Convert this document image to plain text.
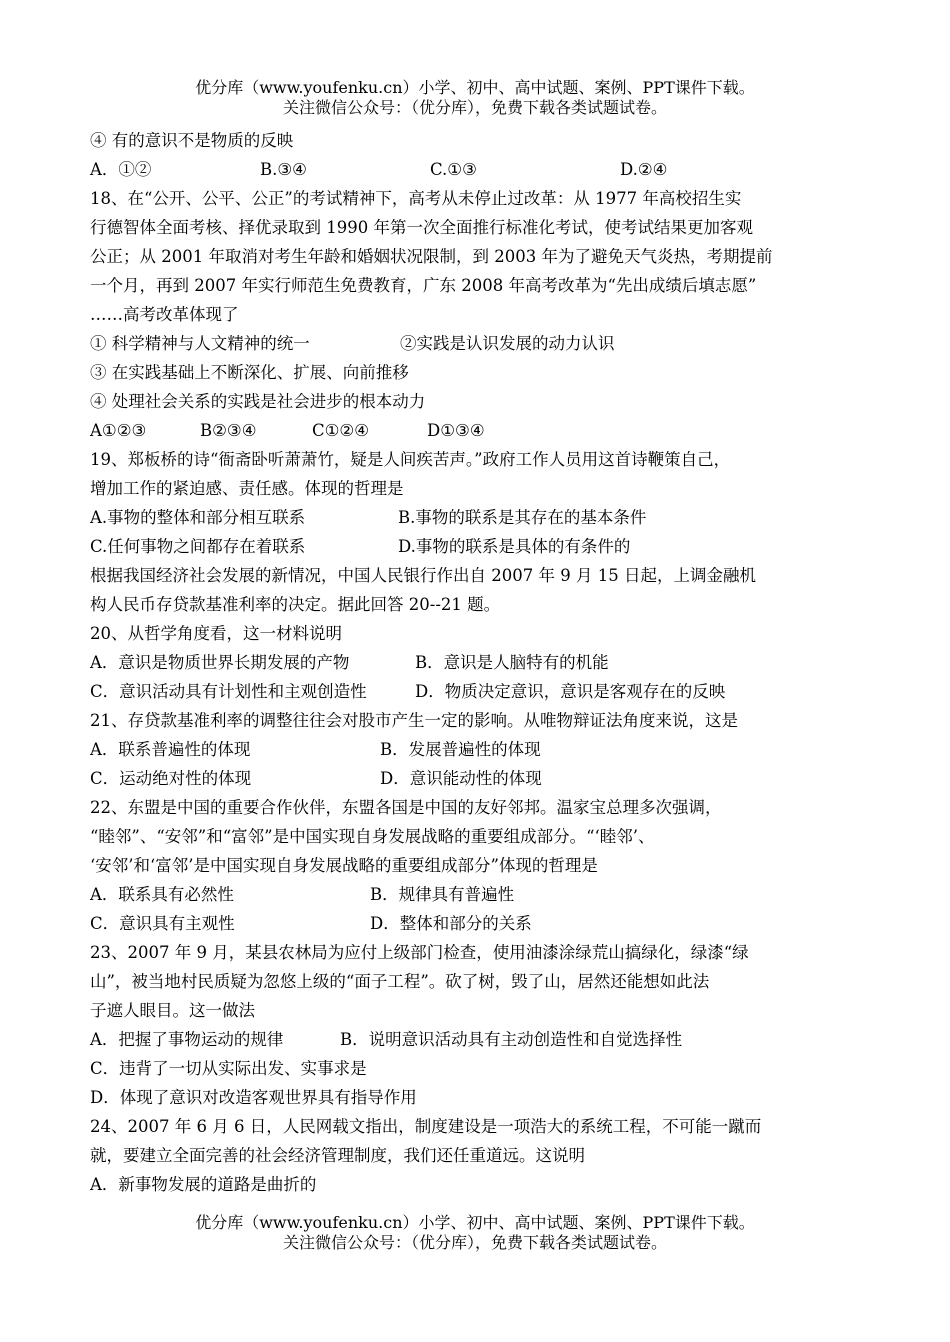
优分库（www.youfenku.cn）小学、初中、高中试题、案例、PPT课件下载。
关注微信公众号：（优分库），免费下载各类试题试卷。
④ 有的意识不是物质的反映
A．①②	B.③④	C.①③	D.②④
18、在“公开、公平、公正”的考试精神下，高考从未停止过改革：从 1977 年高校招生实
行德智体全面考核、择优录取到 1990 年第一次全面推行标准化考试，使考试结果更加客观
公正；从 2001 年取消对考生年龄和婚姻状况限制，到 2003 年为了避免天气炎热，考期提前
一个月，再到 2007 年实行师范生免费教育，广东 2008 年高考改革为“先出成绩后填志愿”
……高考改革体现了
① 科学精神与人文精神的统一	②实践是认识发展的动力认识
③ 在实践基础上不断深化、扩展、向前推移
④ 处理社会关系的实践是社会进步的根本动力
A①②③	B②③④	C①②④	D①③④
19、郑板桥的诗“衙斋卧听萧萧竹，疑是人间疾苦声。”政府工作人员用这首诗鞭策自己，
增加工作的紧迫感、责任感。体现的哲理是
A.事物的整体和部分相互联系	B.事物的联系是其存在的基本条件
C.任何事物之间都存在着联系	D.事物的联系是具体的有条件的
根据我国经济社会发展的新情况，中国人民银行作出自 2007 年 9 月 15 日起，上调金融机
构人民币存贷款基准利率的决定。据此回答 20--21 题。
20、从哲学角度看，这一材料说明
A．意识是物质世界长期发展的产物	B．意识是人脑特有的机能
C．意识活动具有计划性和主观创造性	D．物质决定意识，意识是客观存在的反映
21、存贷款基准利率的调整往往会对股市产生一定的影响。从唯物辩证法角度来说，这是
A．联系普遍性的体现	B．发展普遍性的体现
C．运动绝对性的体现	D．意识能动性的体现
22、东盟是中国的重要合作伙伴，东盟各国是中国的友好邻邦。温家宝总理多次强调，
“睦邻”、“安邻”和“富邻”是中国实现自身发展战略的重要组成部分。“‘睦邻’、
‘安邻’和‘富邻’是中国实现自身发展战略的重要组成部分”体现的哲理是
A．联系具有必然性	B．规律具有普遍性
C．意识具有主观性	D．整体和部分的关系
23、2007 年 9 月，某县农林局为应付上级部门检查，使用油漆涂绿荒山搞绿化，绿漆“绿
山”，被当地村民质疑为忽悠上级的“面子工程”。砍了树，毁了山，居然还能想如此法
子遮人眼目。这一做法
A．把握了事物运动的规律	B．说明意识活动具有主动创造性和自觉选择性
C．违背了一切从实际出发、实事求是
D．体现了意识对改造客观世界具有指导作用
24、2007 年 6 月 6 日，人民网载文指出，制度建设是一项浩大的系统工程，不可能一蹴而
就，要建立全面完善的社会经济管理制度，我们还任重道远。这说明
A．新事物发展的道路是曲折的
优分库（www.youfenku.cn）小学、初中、高中试题、案例、PPT课件下载。
关注微信公众号：（优分库），免费下载各类试题试卷。
